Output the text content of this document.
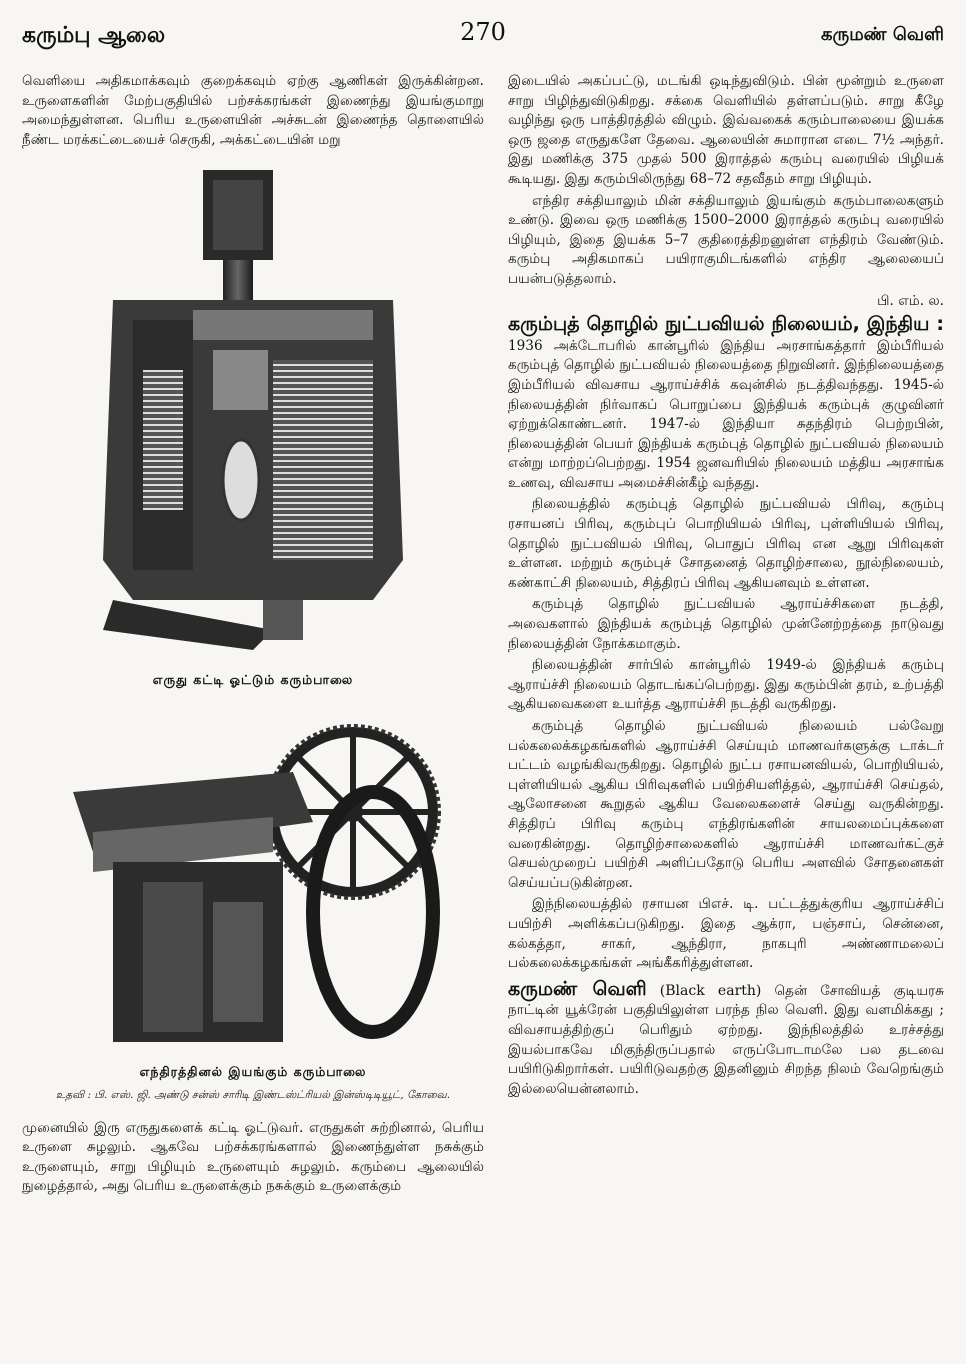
கரும்பு ஆலை	270	கருமண் வெளி

வெளியை அதிகமாக்கவும் குறைக்கவும் ஏற்கு ஆணிகள் இருக்கின்றன. உருளைகளின் மேற்பகுதியில் பற்சக்கரங்கள் இணைந்து இயங்குமாறு அமைந்துள்ளன. பெரிய உருளையின் அச்சுடன் இணைந்த தொளையில் நீண்ட மரக்கட்டையைச் செருகி, அக்கட்டையின் மறு

எருது கட்டி ஓட்டும் கரும்பாலை
எந்திரத்தினல் இயங்கும் கரும்பாலை
உதவி : பி. எஸ். ஜி. அண்டு சன்ஸ் சாரிடி இண்டஸ்ட்ரியல் இன்ஸ்டிடியூட், கோவை.

முனையில் இரு எருதுகளைக் கட்டி ஓட்டுவர். எருதுகள் சுற்றினால், பெரிய உருளை சுழலும். ஆகவே பற்சக்கரங்களால் இணைந்துள்ள நசுக்கும் உருளையும், சாறு பிழியும் உருளையும் சுழலும். கரும்பை ஆலையில் நுழைத்தால், அது பெரிய உருளைக்கும் நசுக்கும் உருளைக்கும்

இடையில் அகப்பட்டு, மடங்கி ஒடிந்துவிடும். பின் மூன்றும் உருளை சாறு பிழிந்துவிடுகிறது. சக்கை வெளியில் தள்ளப்படும். சாறு கீழே வழிந்து ஒரு பாத்திரத்தில் விழும். இவ்வகைக் கரும்பாலையை இயக்க ஒரு ஜதை எருதுகளே தேவை. ஆலையின் சுமாரான எடை 7½ அந்தர். இது மணிக்கு 375 முதல் 500 இராத்தல் கரும்பு வரையில் பிழியக் கூடியது. இது கரும்பிலிருந்து 68–72 சதவீதம் சாறு பிழியும்.

எந்திர சக்தியாலும் மின் சக்தியாலும் இயங்கும் கரும்பாலைகளும் உண்டு. இவை ஒரு மணிக்கு 1500–2000 இராத்தல் கரும்பு வரையில் பிழியும், இதை இயக்க 5–7 குதிரைத்திறனுள்ள எந்திரம் வேண்டும். கரும்பு அதிகமாகப் பயிராகுமிடங்களில் எந்திர ஆலையைப் பயன்படுத்தலாம்.

பி. எம். ல.

கரும்புத் தொழில் நுட்பவியல் நிலையம், இந்திய : 1936 அக்டோபரில் கான்பூரில் இந்திய அரசாங்கத்தார் இம்பீரியல் கரும்புத் தொழில் நுட்பவியல் நிலையத்தை நிறுவினர். இந்நிலையத்தை இம்பீரியல் விவசாய ஆராய்ச்சிக் கவுன்சில் நடத்திவந்தது. 1945-ல் நிலையத்தின் நிர்வாகப் பொறுப்பை இந்தியக் கரும்புக் குழுவினர் ஏற்றுக்கொண்டனர். 1947-ல் இந்தியா சுதந்திரம் பெற்றபின், நிலையத்தின் பெயர் இந்தியக் கரும்புத் தொழில் நுட்பவியல் நிலையம் என்று மாற்றப்பெற்றது. 1954 ஜனவரியில் நிலையம் மத்திய அரசாங்க உணவு, விவசாய அமைச்சின்கீழ் வந்தது.

நிலையத்தில் கரும்புத் தொழில் நுட்பவியல் பிரிவு, கரும்பு ரசாயனப் பிரிவு, கரும்புப் பொறியியல் பிரிவு, புள்ளியியல் பிரிவு, தொழில் நுட்பவியல் பிரிவு, பொதுப் பிரிவு என ஆறு பிரிவுகள் உள்ளன. மற்றும் கரும்புச் சோதனைத் தொழிற்சாலை, நூல்நிலையம், கண்காட்சி நிலையம், சித்திரப் பிரிவு ஆகியனவும் உள்ளன.

கரும்புத் தொழில் நுட்பவியல் ஆராய்ச்சிகளை நடத்தி, அவைகளால் இந்தியக் கரும்புத் தொழில் முன்னேற்றத்தை நாடுவது நிலையத்தின் நோக்கமாகும்.

நிலையத்தின் சார்பில் கான்பூரில் 1949-ல் இந்தியக் கரும்பு ஆராய்ச்சி நிலையம் தொடங்கப்பெற்றது. இது கரும்பின் தரம், உற்பத்தி ஆகியவைகளை உயர்த்த ஆராய்ச்சி நடத்தி வருகிறது.

கரும்புத் தொழில் நுட்பவியல் நிலையம் பல்வேறு பல்கலைக்கழகங்களில் ஆராய்ச்சி செய்யும் மாணவர்களுக்கு டாக்டர் பட்டம் வழங்கிவருகிறது. தொழில் நுட்ப ரசாயனவியல், பொறியியல், புள்ளியியல் ஆகிய பிரிவுகளில் பயிற்சியளித்தல், ஆராய்ச்சி செய்தல், ஆலோசனை கூறுதல் ஆகிய வேலைகளைச் செய்து வருகின்றது. சித்திரப் பிரிவு கரும்பு எந்திரங்களின் சாயலமைப்புக்களை வரைகின்றது. தொழிற்சாலைகளில் ஆராய்ச்சி மாணவர்கட்குச் செயல்முறைப் பயிற்சி அளிப்பதோடு பெரிய அளவில் சோதனைகள் செய்யப்படுகின்றன.

இந்நிலையத்தில் ரசாயன பிஎச். டி. பட்டத்துக்குரிய ஆராய்ச்சிப் பயிற்சி அளிக்கப்படுகிறது. இதை ஆக்ரா, பஞ்சாப், சென்னை, கல்கத்தா, சாகர், ஆந்திரா, நாகபுரி அண்ணாமலைப் பல்கலைக்கழகங்கள் அங்கீகரித்துள்ளன.

கருமண் வெளி (Black earth) தென் சோவியத் குடியரசு நாட்டின் யூக்ரேன் பகுதியிலுள்ள பரந்த நில வெளி. இது வளமிக்கது ; விவசாயத்திற்குப் பெரிதும் ஏற்றது. இந்நிலத்தில் உரச்சத்து இயல்பாகவே மிகுந்திருப்பதால் எருப்போடாமலே பல தடவை பயிரிடுகிறார்கள். பயிரிடுவதற்கு இதனினும் சிறந்த நிலம் வேறெங்கும் இல்லையென்னலாம்.
